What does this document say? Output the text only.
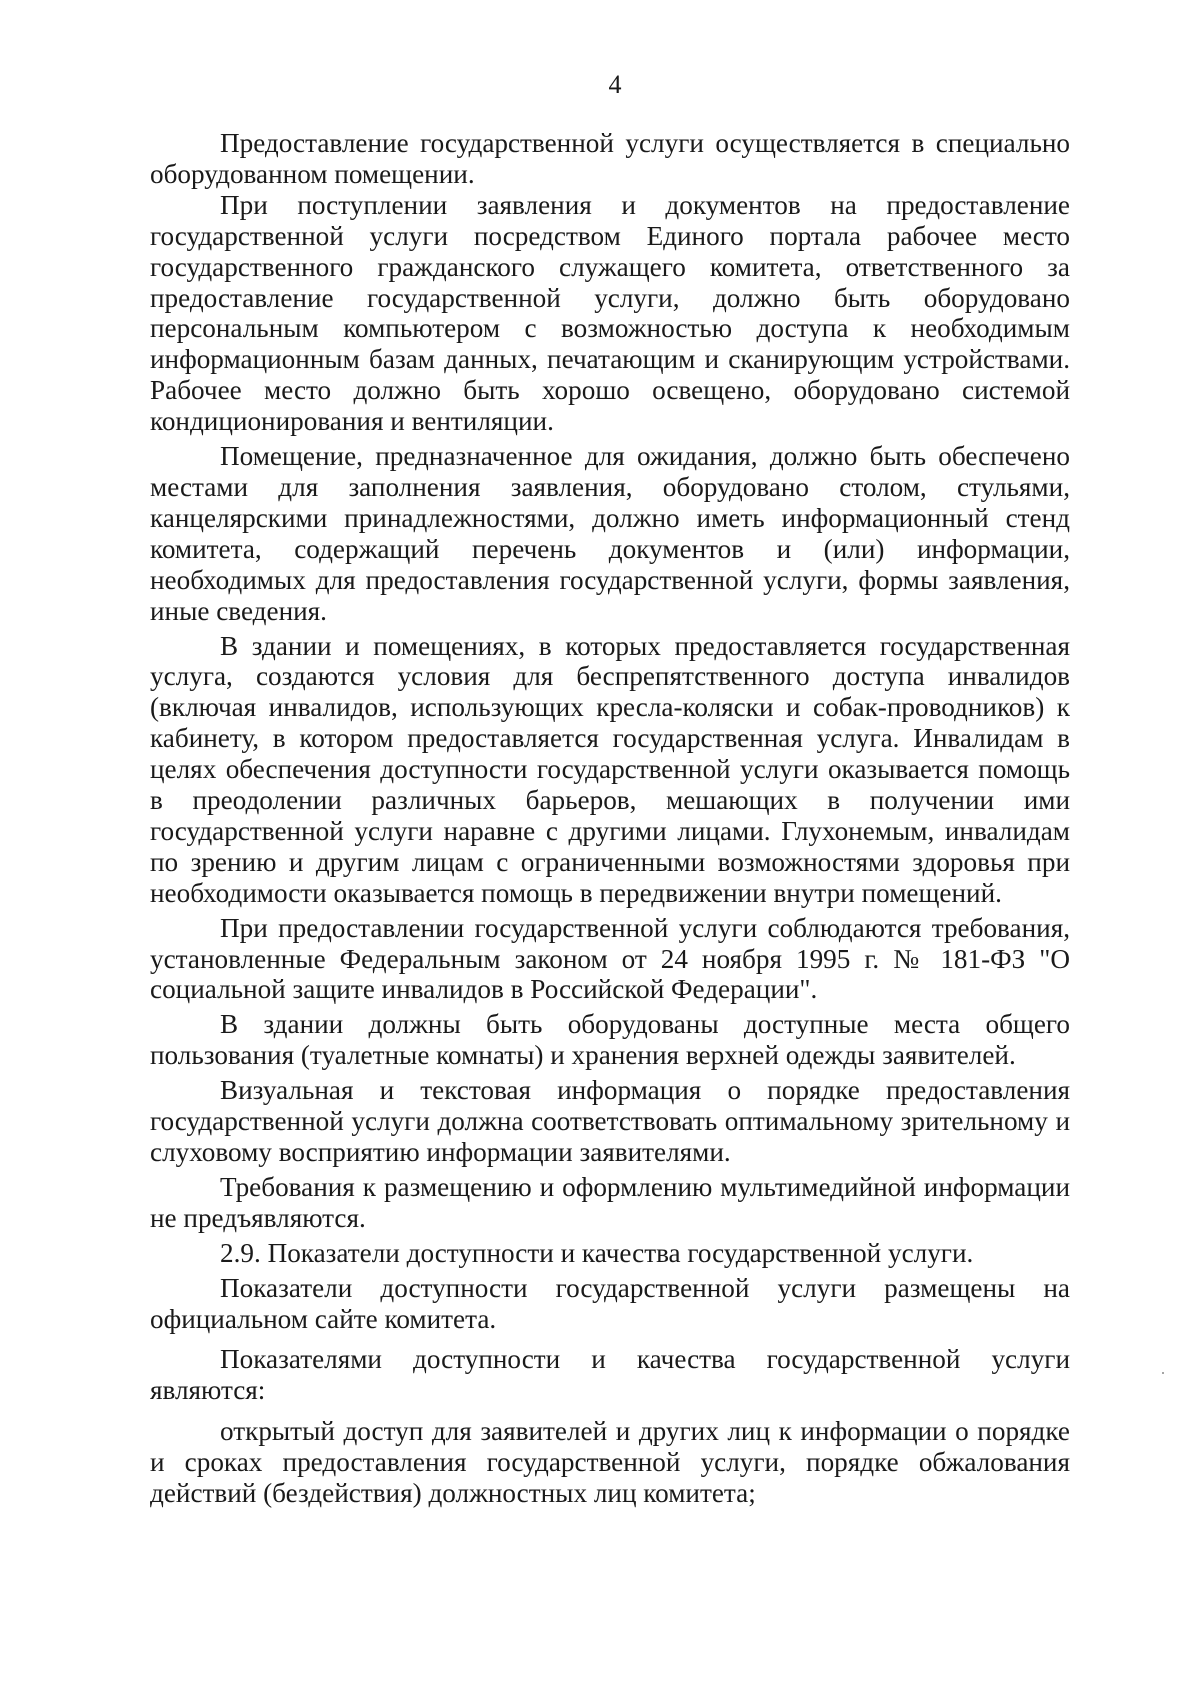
4

Предоставление государственной услуги осуществляется в специально оборудованном помещении.

При поступлении заявления и документов на предоставление государственной услуги посредством Единого портала рабочее место государственного гражданского служащего комитета, ответственного за предоставление государственной услуги, должно быть оборудовано персональным компьютером с возможностью доступа к необходимым информационным базам данных, печатающим и сканирующим устройствами. Рабочее место должно быть хорошо освещено, оборудовано системой кондиционирования и вентиляции.

Помещение, предназначенное для ожидания, должно быть обеспечено местами для заполнения заявления, оборудовано столом, стульями, канцелярскими принадлежностями, должно иметь информационный стенд комитета, содержащий перечень документов и (или) информации, необходимых для предоставления государственной услуги, формы заявления, иные сведения.

В здании и помещениях, в которых предоставляется государственная услуга, создаются условия для беспрепятственного доступа инвалидов (включая инвалидов, использующих кресла-коляски и собак-проводников) к кабинету, в котором предоставляется государственная услуга. Инвалидам в целях обеспечения доступности государственной услуги оказывается помощь в преодолении различных барьеров, мешающих в получении ими государственной услуги наравне с другими лицами. Глухонемым, инвалидам по зрению и другим лицам с ограниченными возможностями здоровья при необходимости оказывается помощь в передвижении внутри помещений.

При предоставлении государственной услуги соблюдаются требования, установленные Федеральным законом от 24 ноября 1995 г. № 181-ФЗ "О социальной защите инвалидов в Российской Федерации".

В здании должны быть оборудованы доступные места общего пользования (туалетные комнаты) и хранения верхней одежды заявителей.

Визуальная и текстовая информация о порядке предоставления государственной услуги должна соответствовать оптимальному зрительному и слуховому восприятию информации заявителями.

Требования к размещению и оформлению мультимедийной информации не предъявляются.

2.9. Показатели доступности и качества государственной услуги.

Показатели доступности государственной услуги размещены на официальном сайте комитета.

Показателями доступности и качества государственной услуги являются:

открытый доступ для заявителей и других лиц к информации о порядке и сроках предоставления государственной услуги, порядке обжалования действий (бездействия) должностных лиц комитета;
